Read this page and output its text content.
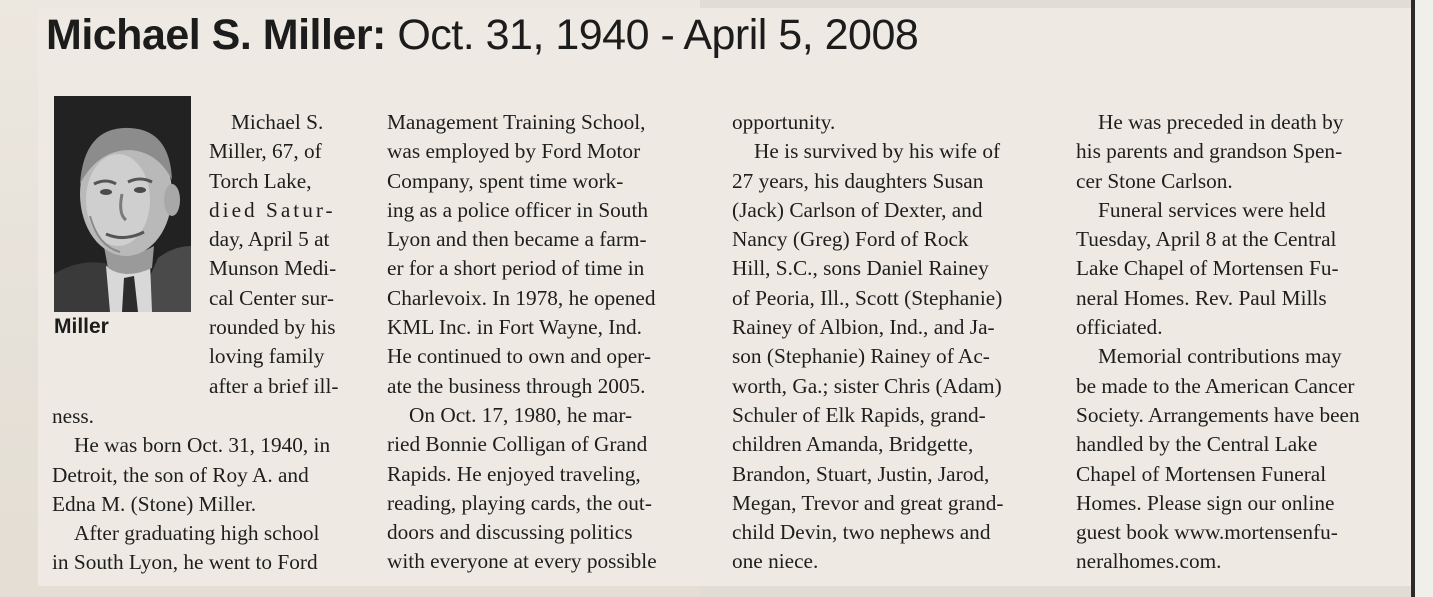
Michael S. Miller: Oct. 31, 1940 - April 5, 2008
Miller
Michael S.
Miller, 67, of
Torch Lake,
died Satur-
day, April 5 at
Munson Medi-
cal Center sur-
rounded by his
loving family
after a brief ill-
ness.
He was born Oct. 31, 1940, in
Detroit, the son of Roy A. and
Edna M. (Stone) Miller.
After graduating high school
in South Lyon, he went to Ford
Management Training School,
was employed by Ford Motor
Company, spent time work-
ing as a police officer in South
Lyon and then became a farm-
er for a short period of time in
Charlevoix. In 1978, he opened
KML Inc. in Fort Wayne, Ind.
He continued to own and oper-
ate the business through 2005.
On Oct. 17, 1980, he mar-
ried Bonnie Colligan of Grand
Rapids. He enjoyed traveling,
reading, playing cards, the out-
doors and discussing politics
with everyone at every possible
opportunity.
He is survived by his wife of
27 years, his daughters Susan
(Jack) Carlson of Dexter, and
Nancy (Greg) Ford of Rock
Hill, S.C., sons Daniel Rainey
of Peoria, Ill., Scott (Stephanie)
Rainey of Albion, Ind., and Ja-
son (Stephanie) Rainey of Ac-
worth, Ga.; sister Chris (Adam)
Schuler of Elk Rapids, grand-
children Amanda, Bridgette,
Brandon, Stuart, Justin, Jarod,
Megan, Trevor and great grand-
child Devin, two nephews and
one niece.
He was preceded in death by
his parents and grandson Spen-
cer Stone Carlson.
Funeral services were held
Tuesday, April 8 at the Central
Lake Chapel of Mortensen Fu-
neral Homes. Rev. Paul Mills
officiated.
Memorial contributions may
be made to the American Cancer
Society. Arrangements have been
handled by the Central Lake
Chapel of Mortensen Funeral
Homes. Please sign our online
guest book www.mortensenfu-
neralhomes.com.
